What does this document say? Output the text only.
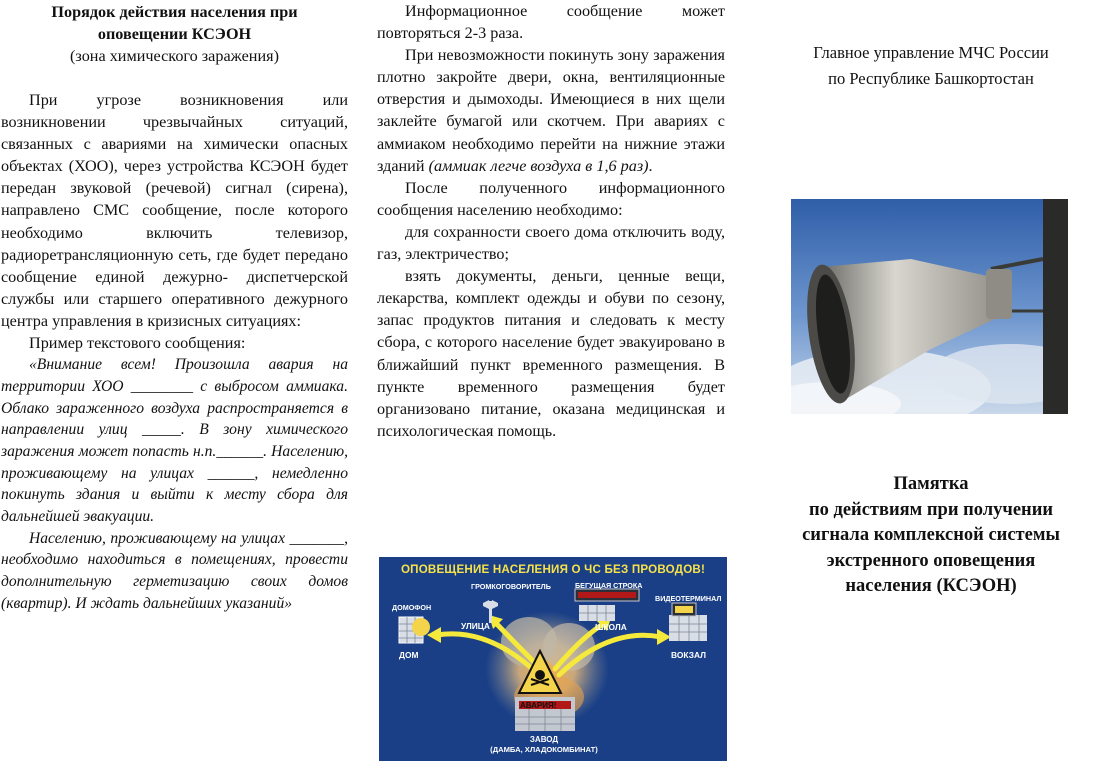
Порядок действия населения при

оповещении КСЭОН

(зона химического заражения)

При угрозе возникновения или возникновении чрезвычайных ситуаций, связанных с авариями на химически опасных объектах (ХОО), через устройства КСЭОН будет передан звуковой (речевой) сигнал (сирена), направлено СМС сообщение, после которого необходимо включить телевизор, радиоретрансляционную сеть, где будет передано сообщение единой дежурно- диспетчерской службы или старшего оперативного дежурного центра управления в кризисных ситуациях:

Пример текстового сообщения:

«Внимание всем! Произошла авария на территории ХОО ________ с выбросом аммиака. Облако зараженного воздуха распространяется в направлении улиц _____. В зону химического заражения может попасть н.п.______. Населению, проживающему на улицах ______, немедленно покинуть здания и выйти к месту сбора для дальнейшей эвакуации.

Населению, проживающему на улицах _______, необходимо находиться в помещениях, провести дополнительную герметизацию своих домов (квартир). И ждать дальнейших указаний»

Информационное сообщение может повторяться 2-3 раза.

При невозможности покинуть зону заражения плотно закройте двери, окна, вентиляционные отверстия и дымоходы. Имеющиеся в них щели заклейте бумагой или скотчем. При авариях с аммиаком необходимо перейти на нижние этажи зданий (аммиак легче воздуха в 1,6 раз).

После полученного информационного сообщения населению необходимо:

для сохранности своего дома отключить воду, газ, электричество;

взять документы, деньги, ценные вещи, лекарства, комплект одежды и обуви по сезону, запас продуктов питания и следовать к месту сбора, с которого население будет эвакуировано в ближайший пункт временного размещения. В пункте временного размещения будет организовано питание, оказана медицинская и психологическая помощь.

ОПОВЕЩЕНИЕ НАСЕЛЕНИЯ О ЧС БЕЗ ПРОВОДОВ!
ГРОМКОГОВОРИТЕЛЬ	БЕГУЩАЯ СТРОКА
ДОМОФОН
ВИДЕОТЕРМИНАЛ
УЛИЦА	ШКОЛА
ДОМ	ВОКЗАЛ
АВАРИЯ!
ЗАВОД
(ДАМБА, ХЛАДОКОМБИНАТ)

Главное управление МЧС России
по Республике Башкортостан

Памятка
по действиям при получении
сигнала комплексной системы
экстренного оповещения
населения (КСЭОН)
